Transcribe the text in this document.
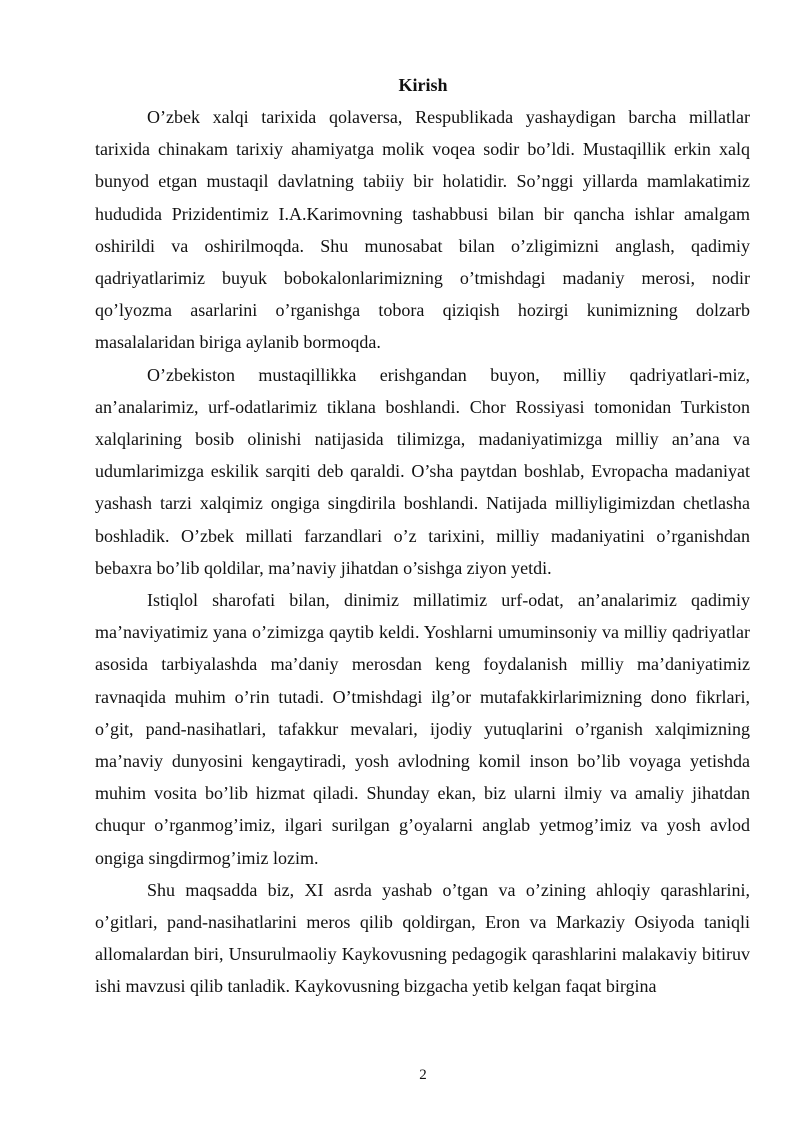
Kirish

O’zbek xalqi tarixida qolaversa, Respublikada yashaydigan barcha millatlar tarixida chinakam tarixiy ahamiyatga molik voqea sodir bo’ldi. Mustaqillik erkin xalq bunyod etgan mustaqil davlatning tabiiy bir holatidir. So’nggi yillarda mamlakatimiz hududida Prizidentimiz I.A.Karimovning tashabbusi bilan bir qancha ishlar amalgam oshirildi va oshirilmoqda. Shu munosabat bilan o’zligimizni anglash, qadimiy qadriyatlarimiz buyuk bobokalonlarimizning o’tmishdagi madaniy merosi, nodir qo’lyozma asarlarini o’rganishga tobora qiziqish hozirgi kunimizning dolzarb masalalaridan biriga aylanib bormoqda.

O’zbekiston mustaqillikka erishgandan buyon, milliy qadriyatlari-miz, an’analarimiz, urf-odatlarimiz tiklana boshlandi. Chor Rossiyasi tomonidan Turkiston xalqlarining bosib olinishi natijasida tilimizga, madaniyatimizga milliy an’ana va udumlarimizga eskilik sarqiti deb qaraldi. O’sha paytdan boshlab, Evropacha madaniyat yashash tarzi xalqimiz ongiga singdirila boshlandi. Natijada milliyligimizdan chetlasha boshladik. O’zbek millati farzandlari o’z tarixini, milliy madaniyatini o’rganishdan bebaxra bo’lib qoldilar, ma’naviy jihatdan o’sishga ziyon yetdi.

Istiqlol sharofati bilan, dinimiz millatimiz urf-odat, an’analarimiz qadimiy ma’naviyatimiz yana o’zimizga qaytib keldi. Yoshlarni umuminsoniy va milliy qadriyatlar asosida tarbiyalashda ma’daniy merosdan keng foydalanish milliy ma’daniyatimiz ravnaqida muhim o’rin tutadi. O’tmishdagi ilg’or mutafakkirlarimizning dono fikrlari, o’git, pand-nasihatlari, tafakkur mevalari, ijodiy yutuqlarini o’rganish xalqimizning ma’naviy dunyosini kengaytiradi, yosh avlodning komil inson bo’lib voyaga yetishda muhim vosita bo’lib hizmat qiladi. Shunday ekan, biz ularni ilmiy va amaliy jihatdan chuqur o’rganmog’imiz, ilgari surilgan g’oyalarni anglab yetmog’imiz va yosh avlod ongiga singdirmog’imiz lozim.

Shu maqsadda biz, XI asrda yashab o’tgan va o’zining ahloqiy qarashlarini, o’gitlari, pand-nasihatlarini meros qilib qoldirgan, Eron va Markaziy Osiyoda taniqli allomalardan biri, Unsurulmaoliy Kaykovusning pedagogik qarashlarini malakaviy bitiruv ishi mavzusi qilib tanladik. Kaykovusning bizgacha yetib kelgan faqat birgina

2
